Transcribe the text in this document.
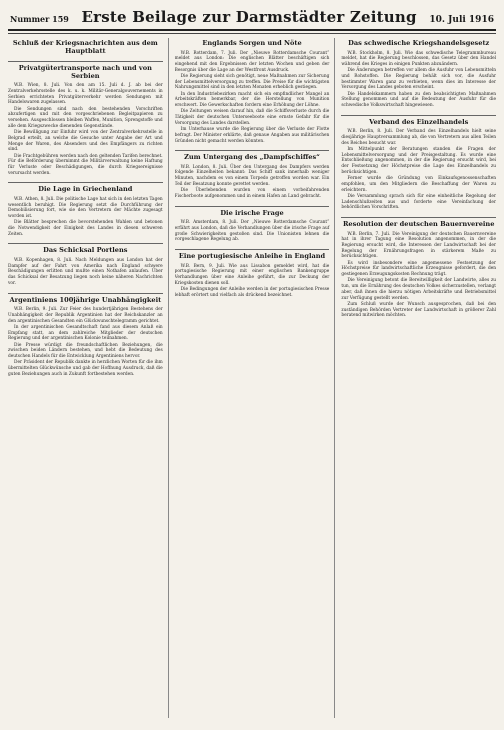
Nummer 159 Erste Beilage zur Darmstädter Zeitung 10. Juli 1916
Schluß der Kriegsnachrichten aus dem Hauptblatt
Privatgütertransporte nach und von Serbien
W.B. Wien, 8. Juli. Von den am 15. Juli d. J. ab bei der Zentralverkehrsstelle des k. u. k. Militär-Generalgouvernements in Serbien errichteten Privatgüterverkehr werden Sendungen mit Handelswaren zugelassen.
Die Sendungen sind nach den bestehenden Vorschriften abzufertigen und mit den vorgeschriebenen Begleitpapieren zu versehen. Ausgeschlossen bleiben Waffen, Munition, Sprengstoffe und alle dem Kriegszwecke dienenden Gegenstände.
Die Bewilligung zur Einfuhr wird von der Zentralverkehrsstelle in Belgrad erteilt, an welche die Gesuche unter Angabe der Art und Menge der Waren, des Absenders und des Empfängers zu richten sind.
Die Frachtgebühren werden nach den geltenden Tarifen berechnet. Für die Beförderung übernimmt die Militärverwaltung keine Haftung für Verluste oder Beschädigungen, die durch Kriegsereignisse verursacht werden.
Die Lage in Griechenland
W.B. Athen, 8. Juli. Die politische Lage hat sich in den letzten Tagen wesentlich beruhigt. Die Regierung setzt die Durchführung der Demobilisierung fort, wie sie den Vertretern der Mächte zugesagt worden ist.
Die Blätter besprechen die bevorstehenden Wahlen und betonen die Notwendigkeit der Einigkeit des Landes in diesen schweren Zeiten.
Das Schicksal Portlens
W.B. Kopenhagen, 8. Juli. Nach Meldungen aus London hat der Dampfer auf der Fahrt von Amerika nach England schwere Beschädigungen erlitten und mußte einen Nothafen anlaufen. Über das Schicksal der Besatzung liegen noch keine näheren Nachrichten vor.
Argentiniens 100jährige Unabhängigkeit
W.B. Berlin, 9. Juli. Zur Feier des hundertjährigen Bestehens der Unabhängigkeit der Republik Argentinien hat der Reichskanzler an den argentinischen Gesandten ein Glückwunschtelegramm gerichtet.
In der argentinischen Gesandtschaft fand aus diesem Anlaß ein Empfang statt, an dem zahlreiche Mitglieder der deutschen Regierung und der argentinischen Kolonie teilnahmen.
Die Presse würdigt die freundschaftlichen Beziehungen, die zwischen beiden Ländern bestehen, und hebt die Bedeutung des deutschen Handels für die Entwicklung Argentiniens hervor.
Der Präsident der Republik dankte in herzlichen Worten für die ihm übermittelten Glückwünsche und gab der Hoffnung Ausdruck, daß die guten Beziehungen auch in Zukunft fortbestehen werden.
Englands Sorgen und Nöte
W.B. Rotterdam, 7. Juli. Der „Nieuwe Rotterdamsche Courant“ meldet aus London: Die englischen Blätter beschäftigen sich eingehend mit den Ergebnissen der letzten Wochen und geben der Besorgnis über die Lage an der Westfront Ausdruck.
Die Regierung sieht sich genötigt, neue Maßnahmen zur Sicherung der Lebensmittelversorgung zu treffen. Die Preise für die wichtigsten Nahrungsmittel sind in den letzten Monaten erheblich gestiegen.
In den Industriebezirken macht sich ein empfindlicher Mangel an Arbeitskräften bemerkbar, der die Herstellung von Munition erschwert. Die Gewerkschaften fordern eine Erhöhung der Löhne.
Die Zeitungen weisen darauf hin, daß die Schiffsverluste durch die Tätigkeit der deutschen Unterseeboote eine ernste Gefahr für die Versorgung des Landes darstellen.
Im Unterhause wurde die Regierung über die Verluste der Flotte befragt. Der Minister erklärte, daß genaue Angaben aus militärischen Gründen nicht gemacht werden könnten.
Zum Untergang des „Dampfschiffes“
W.B. London, 8. Juli. Über den Untergang des Dampfers werden folgende Einzelheiten bekannt: Das Schiff sank innerhalb weniger Minuten, nachdem es von einem Torpedo getroffen worden war. Ein Teil der Besatzung konnte gerettet werden.
Die Überlebenden wurden von einem vorbeifahrenden Fischerboote aufgenommen und in einem Hafen an Land gebracht.
Die irische Frage
W.B. Amsterdam, 8. Juli. Der „Nieuwe Rotterdamsche Courant“ erfährt aus London, daß die Verhandlungen über die irische Frage auf große Schwierigkeiten gestoßen sind. Die Unionisten lehnen die vorgeschlagene Regelung ab.
Eine portugiesische Anleihe in England
W.B. Bern, 9. Juli. Wie aus Lissabon gemeldet wird, hat die portugiesische Regierung mit einer englischen Bankengruppe Verhandlungen über eine Anleihe geführt, die zur Deckung der Kriegskosten dienen soll.
Die Bedingungen der Anleihe werden in der portugiesischen Presse lebhaft erörtert und vielfach als drückend bezeichnet.
Das schwedische Kriegshandelsgesetz
W.B. Stockholm, 8. Juli. Wie das schwedische Telegrammbureau meldet, hat die Regierung beschlossen, das Gesetz über den Handel während des Krieges in einigen Punkten abzuändern.
Die Änderungen betreffen vor allem die Ausfuhr von Lebensmitteln und Rohstoffen. Die Regierung behält sich vor, die Ausfuhr bestimmter Waren ganz zu verbieten, wenn dies im Interesse der Versorgung des Landes geboten erscheint.
Die Handelskammern haben zu den beabsichtigten Maßnahmen Stellung genommen und auf die Bedeutung der Ausfuhr für die schwedische Volkswirtschaft hingewiesen.
Verband des Einzelhandels
W.B. Berlin, 8. Juli. Der Verband des Einzelhandels hielt seine diesjährige Hauptversammlung ab, die von Vertretern aus allen Teilen des Reiches besucht war.
Im Mittelpunkt der Beratungen standen die Fragen der Lebensmittelversorgung und der Preisgestaltung. Es wurde eine Entschließung angenommen, in der die Regierung ersucht wird, bei der Festsetzung der Höchstpreise die Lage des Einzelhandels zu berücksichtigen.
Ferner wurde die Gründung von Einkaufsgenossenschaften empfohlen, um den Mitgliedern die Beschaffung der Waren zu erleichtern.
Die Versammlung sprach sich für eine einheitliche Regelung der Ladenschlußzeiten aus und forderte eine Vereinfachung der behördlichen Vorschriften.
Resolution der deutschen Bauernvereine
W.B. Berlin, 7. Juli. Die Vereinigung der deutschen Bauernvereine hat in ihrer Tagung eine Resolution angenommen, in der die Regierung ersucht wird, die Interessen der Landwirtschaft bei der Regelung der Ernährungsfragen in stärkerem Maße zu berücksichtigen.
Es wird insbesondere eine angemessene Festsetzung der Höchstpreise für landwirtschaftliche Erzeugnisse gefordert, die den gestiegenen Erzeugungskosten Rechnung trägt.
Die Vereinigung betont die Bereitwilligkeit der Landwirte, alles zu tun, um die Ernährung des deutschen Volkes sicherzustellen, verlangt aber, daß ihnen die hierzu nötigen Arbeitskräfte und Betriebsmittel zur Verfügung gestellt werden.
Zum Schluß wurde der Wunsch ausgesprochen, daß bei den zuständigen Behörden Vertreter der Landwirtschaft in größerer Zahl beratend mitwirken möchten.
